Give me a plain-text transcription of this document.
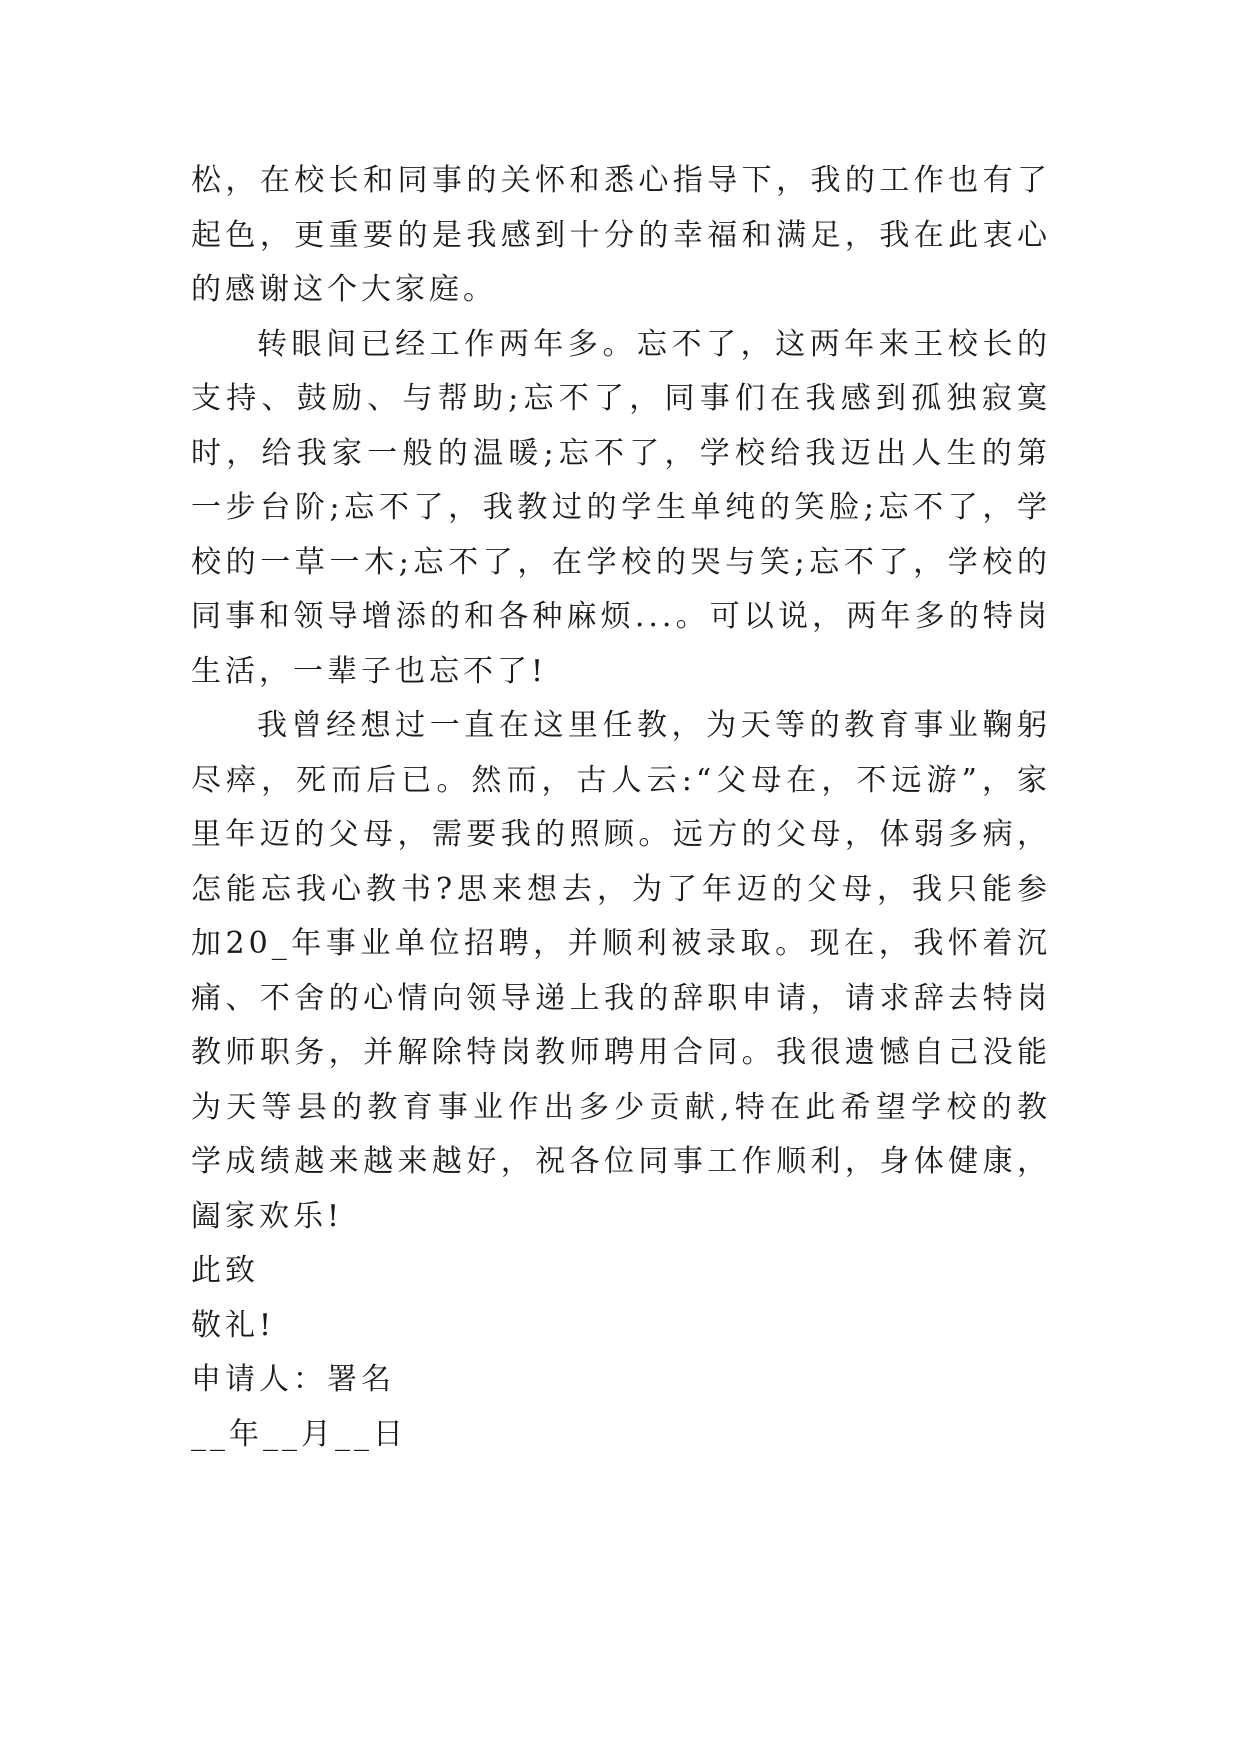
松，在校长和同事的关怀和悉心指导下，我的工作也有了起色，更重要的是我感到十分的幸福和满足，我在此衷心的感谢这个大家庭。

转眼间已经工作两年多。忘不了，这两年来王校长的支持、鼓励、与帮助;忘不了，同事们在我感到孤独寂寞时，给我家一般的温暖;忘不了，学校给我迈出人生的第一步台阶;忘不了，我教过的学生单纯的笑脸;忘不了，学校的一草一木;忘不了，在学校的哭与笑;忘不了，学校的同事和领导增添的和各种麻烦...。可以说，两年多的特岗生活，一辈子也忘不了!

我曾经想过一直在这里任教，为天等的教育事业鞠躬尽瘁，死而后已。然而，古人云:“父母在，不远游”，家里年迈的父母，需要我的照顾。远方的父母，体弱多病，怎能忘我心教书?思来想去，为了年迈的父母，我只能参加20_年事业单位招聘，并顺利被录取。现在，我怀着沉痛、不舍的心情向领导递上我的辞职申请，请求辞去特岗教师职务，并解除特岗教师聘用合同。我很遗憾自己没能为天等县的教育事业作出多少贡献,特在此希望学校的教学成绩越来越来越好，祝各位同事工作顺利，身体健康，阖家欢乐!

此致

敬礼!

申请人：署名

__年__月__日
